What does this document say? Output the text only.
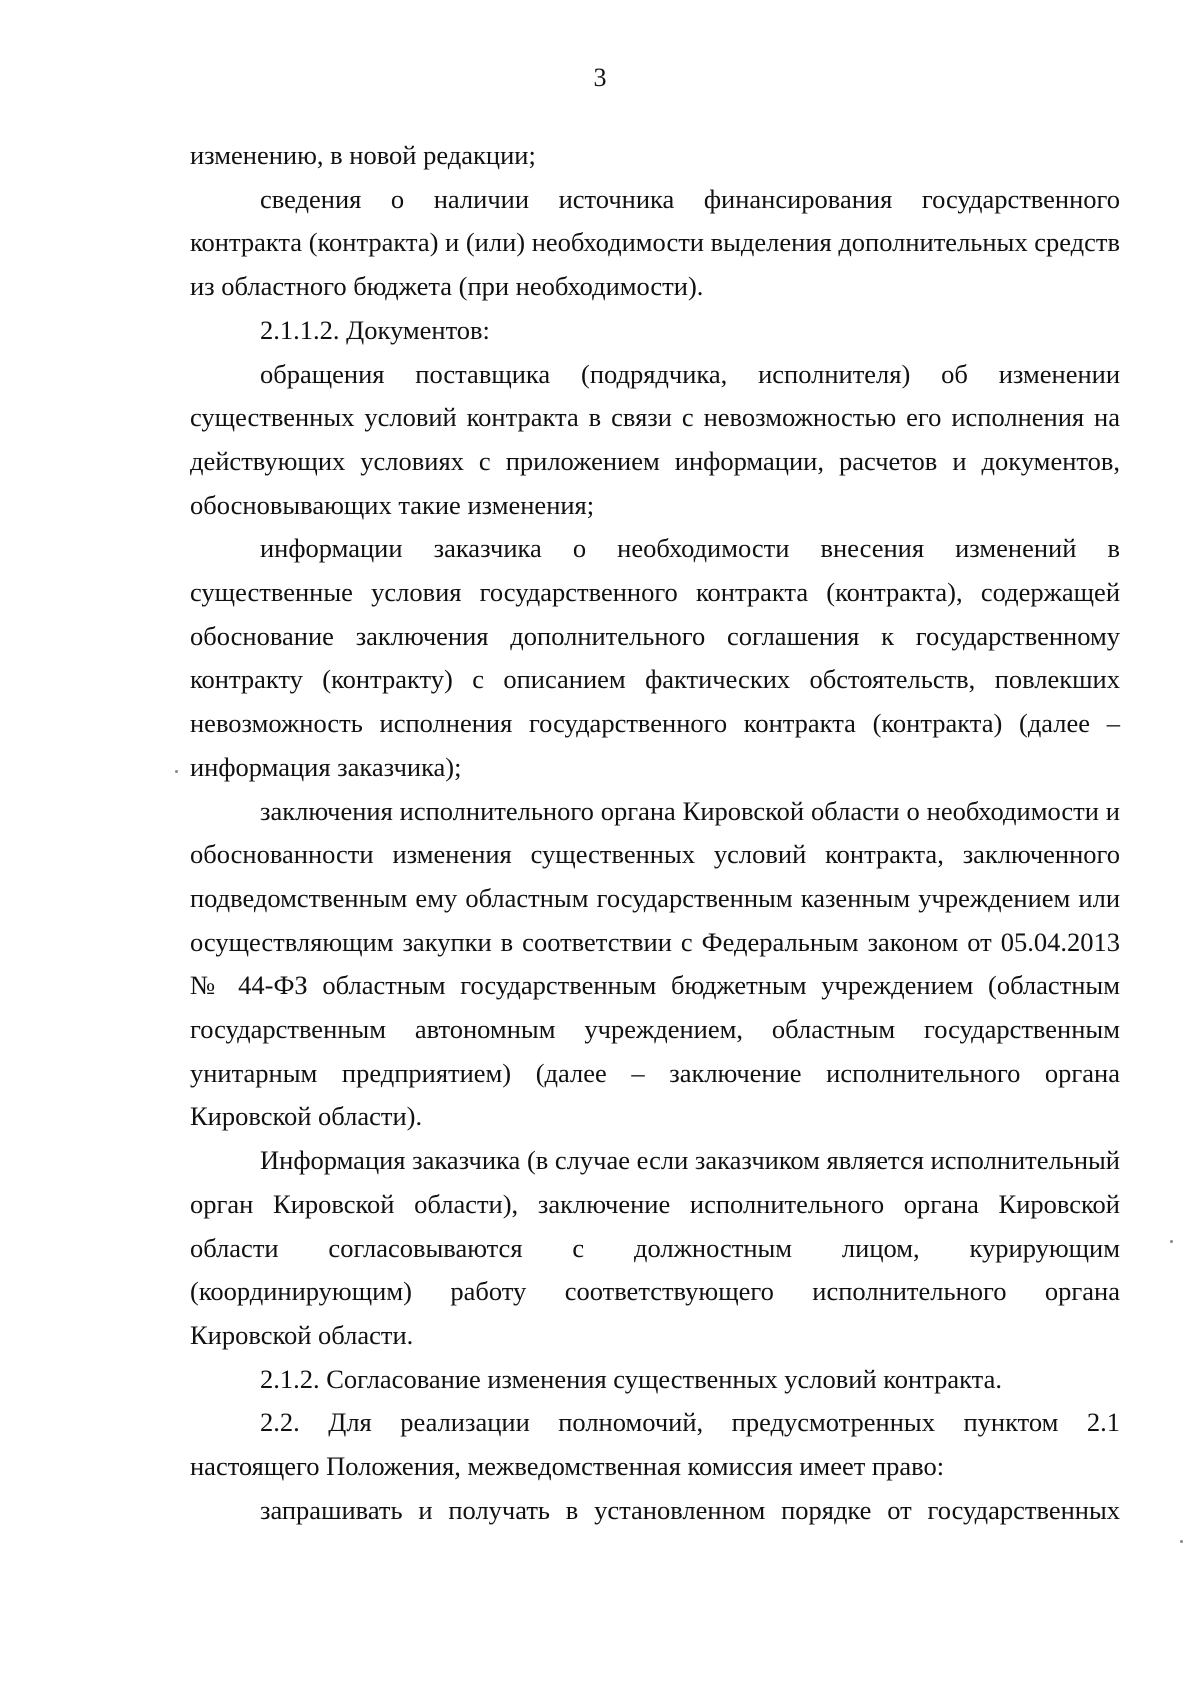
3

изменению, в новой редакции;

сведения о наличии источника финансирования государственного контракта (контракта) и (или) необходимости выделения дополнительных средств из областного бюджета (при необходимости).

2.1.1.2. Документов:

обращения поставщика (подрядчика, исполнителя) об изменении существенных условий контракта в связи с невозможностью его исполнения на действующих условиях с приложением информации, расчетов и документов, обосновывающих такие изменения;

информации заказчика о необходимости внесения изменений в существенные условия государственного контракта (контракта), содержащей обоснование заключения дополнительного соглашения к государственному контракту (контракту) с описанием фактических обстоятельств, повлекших невозможность исполнения государственного контракта (контракта) (далее – информация заказчика);

заключения исполнительного органа Кировской области о необходимости и обоснованности изменения существенных условий контракта, заключенного подведомственным ему областным государственным казенным учреждением или осуществляющим закупки в соответствии с Федеральным законом от 05.04.2013 № 44-ФЗ областным государственным бюджетным учреждением (областным государственным автономным учреждением, областным государственным унитарным предприятием) (далее – заключение исполнительного органа Кировской области).

Информация заказчика (в случае если заказчиком является исполнительный орган Кировской области), заключение исполнительного органа Кировской области согласовываются с должностным лицом, курирующим (координирующим) работу соответствующего исполнительного органа Кировской области.

2.1.2. Согласование изменения существенных условий контракта.

2.2. Для реализации полномочий, предусмотренных пунктом 2.1 настоящего Положения, межведомственная комиссия имеет право:

запрашивать и получать в установленном порядке от государственных
